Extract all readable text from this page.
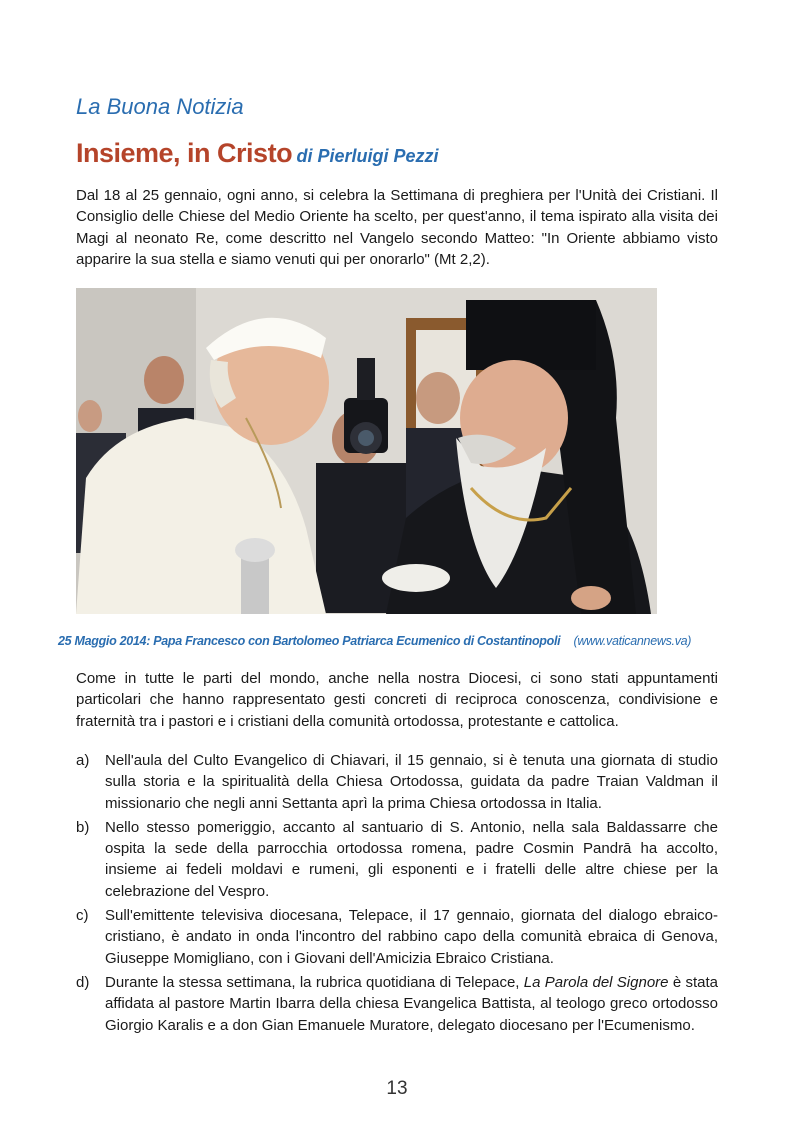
La Buona Notizia
Insieme, in Cristo di Pierluigi Pezzi

Dal 18 al 25 gennaio, ogni anno, si celebra la Settimana di preghiera per l'Unità dei Cristiani. Il Consiglio delle Chiese del Medio Oriente ha scelto, per quest'anno, il tema ispirato alla visita dei Magi al neonato Re, come descritto nel Vangelo secondo Matteo: "In Oriente abbiamo visto apparire la sua stella e siamo venuti qui per onorarlo" (Mt 2,2).

25 Maggio 2014: Papa Francesco con Bartolomeo Patriarca Ecumenico di Costantinopoli (www.vaticannews.va)

Come in tutte le parti del mondo, anche nella nostra Diocesi, ci sono stati appuntamenti particolari che hanno rappresentato gesti concreti di reciproca conoscenza, condivisione e fraternità tra i pastori e i cristiani della comunità ortodossa, protestante e cattolica.

a) Nell'aula del Culto Evangelico di Chiavari, il 15 gennaio, si è tenuta una giornata di studio sulla storia e la spiritualità della Chiesa Ortodossa, guidata da padre Traian Valdman il missionario che negli anni Settanta aprì la prima Chiesa ortodossa in Italia.
b) Nello stesso pomeriggio, accanto al santuario di S. Antonio, nella sala Baldassarre che ospita la sede della parrocchia ortodossa romena, padre Cosmin Pandrā ha accolto, insieme ai fedeli moldavi e rumeni, gli esponenti e i fratelli delle altre chiese per la celebrazione del Vespro.
c) Sull'emittente televisiva diocesana, Telepace, il 17 gennaio, giornata del dialogo ebraico-cristiano, è andato in onda l'incontro del rabbino capo della comunità ebraica di Genova, Giuseppe Momigliano, con i Giovani dell'Amicizia Ebraico Cristiana.
d) Durante la stessa settimana, la rubrica quotidiana di Telepace, La Parola del Signore è stata affidata al pastore Martin Ibarra della chiesa Evangelica Battista, al teologo greco ortodosso Giorgio Karalis e a don Gian Emanuele Muratore, delegato diocesano per l'Ecumenismo.
13
